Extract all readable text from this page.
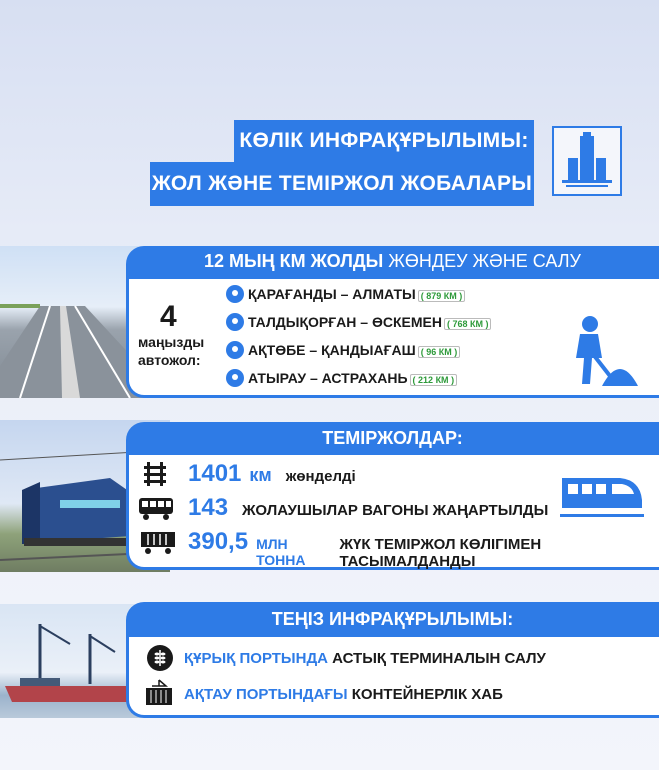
КӨЛІК ИНФРАҚҰРЫЛЫМЫ:
ЖОЛ ЖӘНЕ ТЕМІРЖОЛ ЖОБАЛАРЫ
12 МЫҢ КМ ЖОЛДЫ
ЖӨНДЕУ ЖӘНЕ САЛУ
4
маңызды
автожол:
ҚАРАҒАНДЫ – АЛМАТЫ ( 879 КМ )
ТАЛДЫҚОРҒАН – ӨСКЕМЕН ( 768 КМ )
АҚТӨБЕ – ҚАНДЫАҒАШ ( 96 КМ )
АТЫРАУ – АСТРАХАНЬ ( 212 КМ )
ТЕМІРЖОЛДАР:
1401 км жөнделді
143 ЖОЛАУШЫЛАР ВАГОНЫ ЖАҢАРТЫЛДЫ
390,5 МЛН ТОННА
ЖҮК ТЕМІРЖОЛ КӨЛІГІМЕН ТАСЫМАЛДАНДЫ
ТЕҢІЗ ИНФРАҚҰРЫЛЫМЫ:
ҚҰРЫҚ ПОРТЫНДА АСТЫҚ ТЕРМИНАЛЫН САЛУ
АҚТАУ ПОРТЫНДАҒЫ КОНТЕЙНЕРЛІК ХАБ
